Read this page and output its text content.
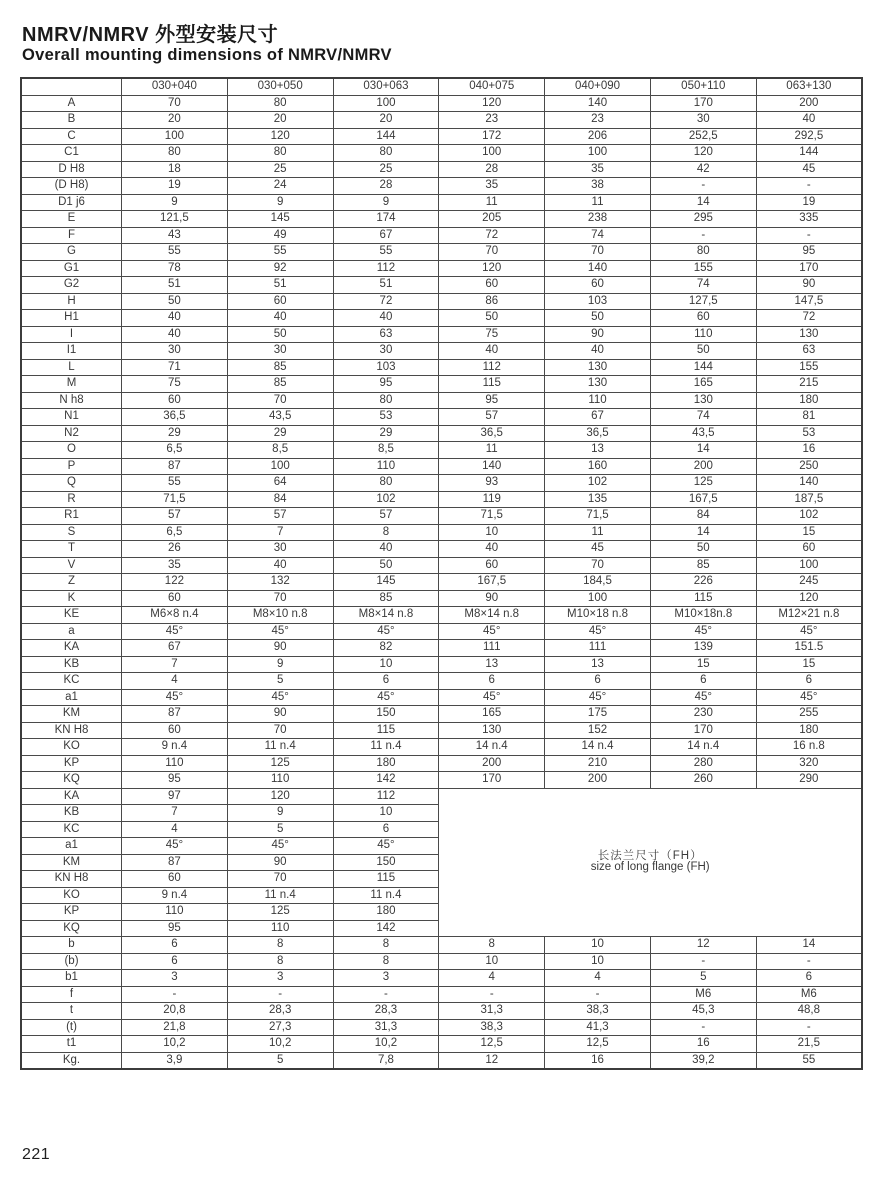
NMRV/NMRV 外型安装尺寸
Overall mounting dimensions of NMRV/NMRV
	030+040	030+050	030+063	040+075	040+090	050+110	063+130
A	70	80	100	120	140	170	200
B	20	20	20	23	23	30	40
C	100	120	144	172	206	252,5	292,5
C1	80	80	80	100	100	120	144
D H8	18	25	25	28	35	42	45
(D H8)	19	24	28	35	38	-	-
D1 j6	9	9	9	11	11	14	19
E	121,5	145	174	205	238	295	335
F	43	49	67	72	74	-	-
G	55	55	55	70	70	80	95
G1	78	92	112	120	140	155	170
G2	51	51	51	60	60	74	90
H	50	60	72	86	103	127,5	147,5
H1	40	40	40	50	50	60	72
I	40	50	63	75	90	110	130
I1	30	30	30	40	40	50	63
L	71	85	103	112	130	144	155
M	75	85	95	115	130	165	215
N h8	60	70	80	95	110	130	180
N1	36,5	43,5	53	57	67	74	81
N2	29	29	29	36,5	36,5	43,5	53
O	6,5	8,5	8,5	11	13	14	16
P	87	100	110	140	160	200	250
Q	55	64	80	93	102	125	140
R	71,5	84	102	119	135	167,5	187,5
R1	57	57	57	71,5	71,5	84	102
S	6,5	7	8	10	11	14	15
T	26	30	40	40	45	50	60
V	35	40	50	60	70	85	100
Z	122	132	145	167,5	184,5	226	245
K	60	70	85	90	100	115	120
KE	M6×8 n.4	M8×10 n.8	M8×14 n.8	M8×14 n.8	M10×18 n.8	M10×18n.8	M12×21 n.8
a	45°	45°	45°	45°	45°	45°	45°
KA	67	90	82	111	111	139	151.5
KB	7	9	10	13	13	15	15
KC	4	5	6	6	6	6	6
a1	45°	45°	45°	45°	45°	45°	45°
KM	87	90	150	165	175	230	255
KN H8	60	70	115	130	152	170	180
KO	9 n.4	11 n.4	11 n.4	14 n.4	14 n.4	14 n.4	16 n.8
KP	110	125	180	200	210	280	320
KQ	95	110	142	170	200	260	290
KA	97	120	112	长法兰尺寸（FH）
size of long flange (FH)			

KB	7	9	10				
KC	4	5	6				
a1	45°	45°	45°				
KM	87	90	150				
KN H8	60	70	115				
KO	9 n.4	11 n.4	11 n.4				
KP	110	125	180				
KQ	95	110	142				
b	6	8	8	8	10	12	14
(b)	6	8	8	10	10	-	-
b1	3	3	3	4	4	5	6
f	-	-	-	-	-	M6	M6
t	20,8	28,3	28,3	31,3	38,3	45,3	48,8
(t)	21,8	27,3	31,3	38,3	41,3	-	-
t1	10,2	10,2	10,2	12,5	12,5	16	21,5
Kg.	3,9	5	7,8	12	16	39,2	55
221
